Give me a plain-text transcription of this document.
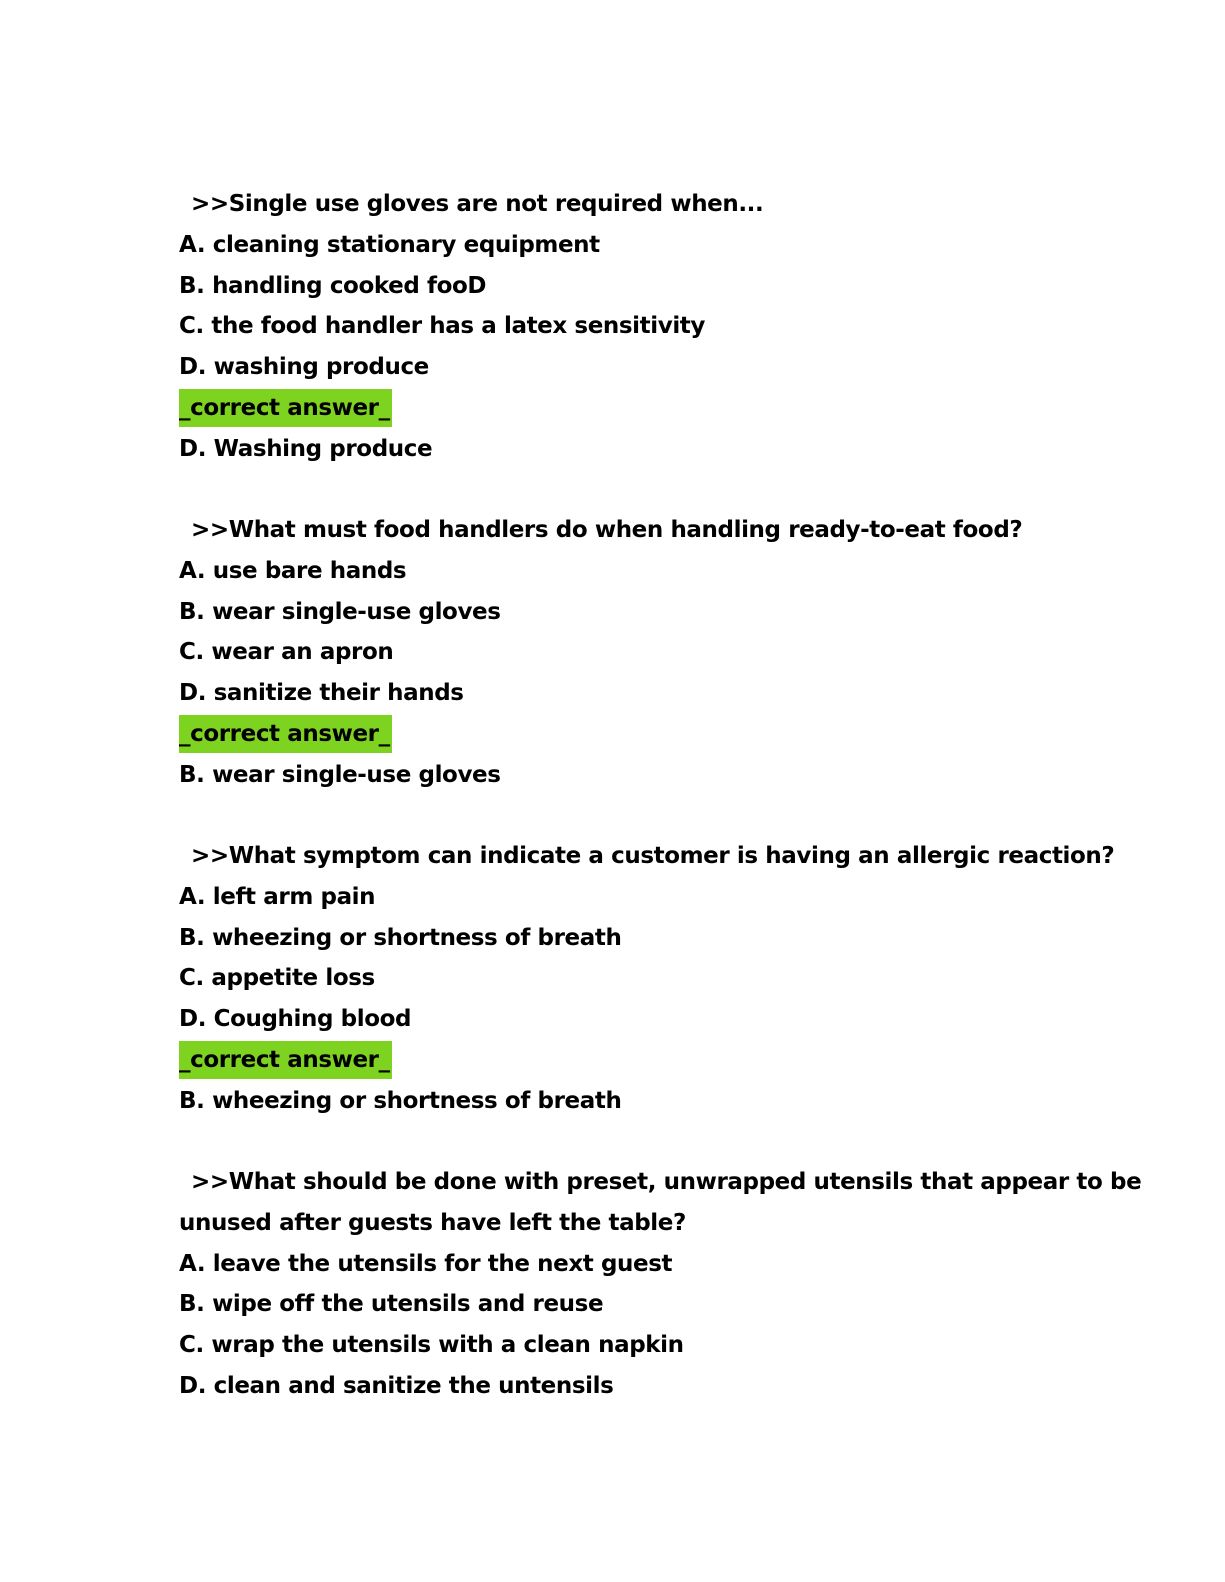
>>Single use gloves are not required when...
A. cleaning stationary equipment
B. handling cooked fooD
C. the food handler has a latex sensitivity
D. washing produce
_correct answer_
D. Washing produce
>>What must food handlers do when handling ready-to-eat food?
A. use bare hands
B. wear single-use gloves
C. wear an apron
D. sanitize their hands
_correct answer_
B. wear single-use gloves
>>What symptom can indicate a customer is having an allergic reaction?
A. left arm pain
B. wheezing or shortness of breath
C. appetite loss
D. Coughing blood
_correct answer_
B. wheezing or shortness of breath
>>What should be done with preset, unwrapped utensils that appear to be
unused after guests have left the table?
A. leave the utensils for the next guest
B. wipe off the utensils and reuse
C. wrap the utensils with a clean napkin
D. clean and sanitize the untensils
